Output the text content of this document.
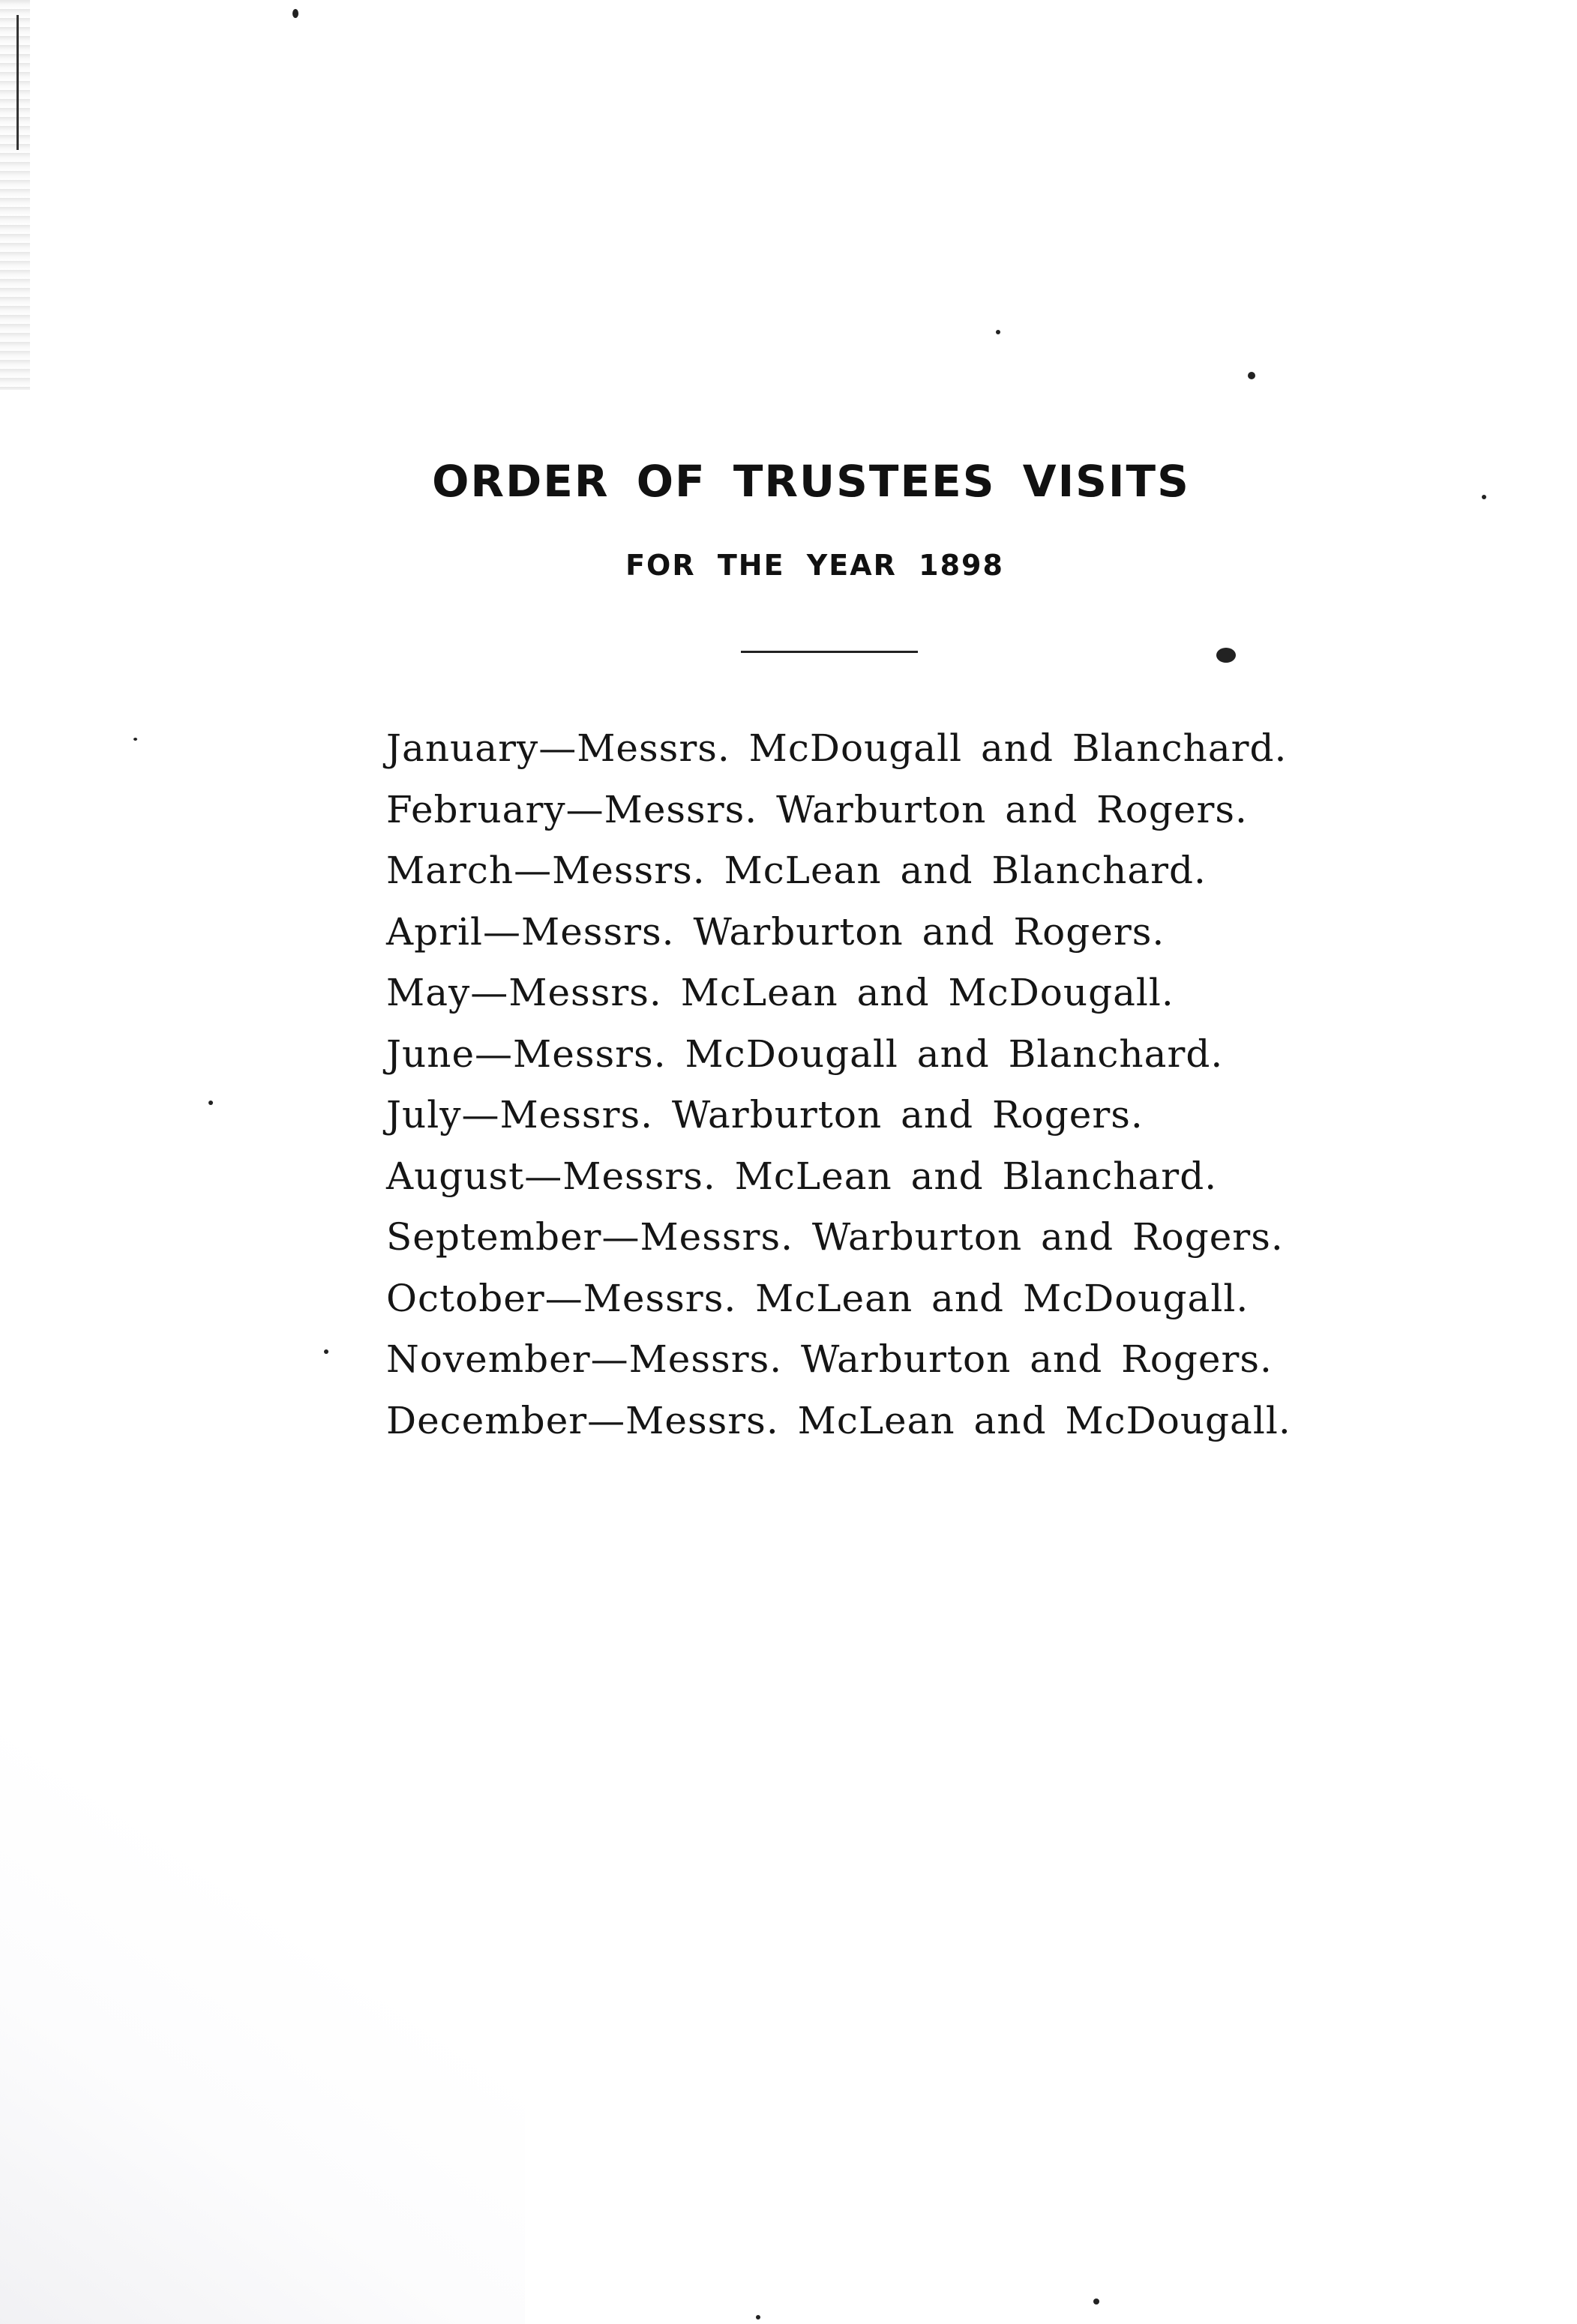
ORDER OF TRUSTEES VISITS
FOR THE YEAR 1898
January—Messrs. McDougall and Blanchard.
February—Messrs. Warburton and Rogers.
March—Messrs. McLean and Blanchard.
April—Messrs. Warburton and Rogers.
May—Messrs. McLean and McDougall.
June—Messrs. McDougall and Blanchard.
July—Messrs. Warburton and Rogers.
August—Messrs. McLean and Blanchard.
September—Messrs. Warburton and Rogers.
October—Messrs. McLean and McDougall.
November—Messrs. Warburton and Rogers.
December—Messrs. McLean and McDougall.
